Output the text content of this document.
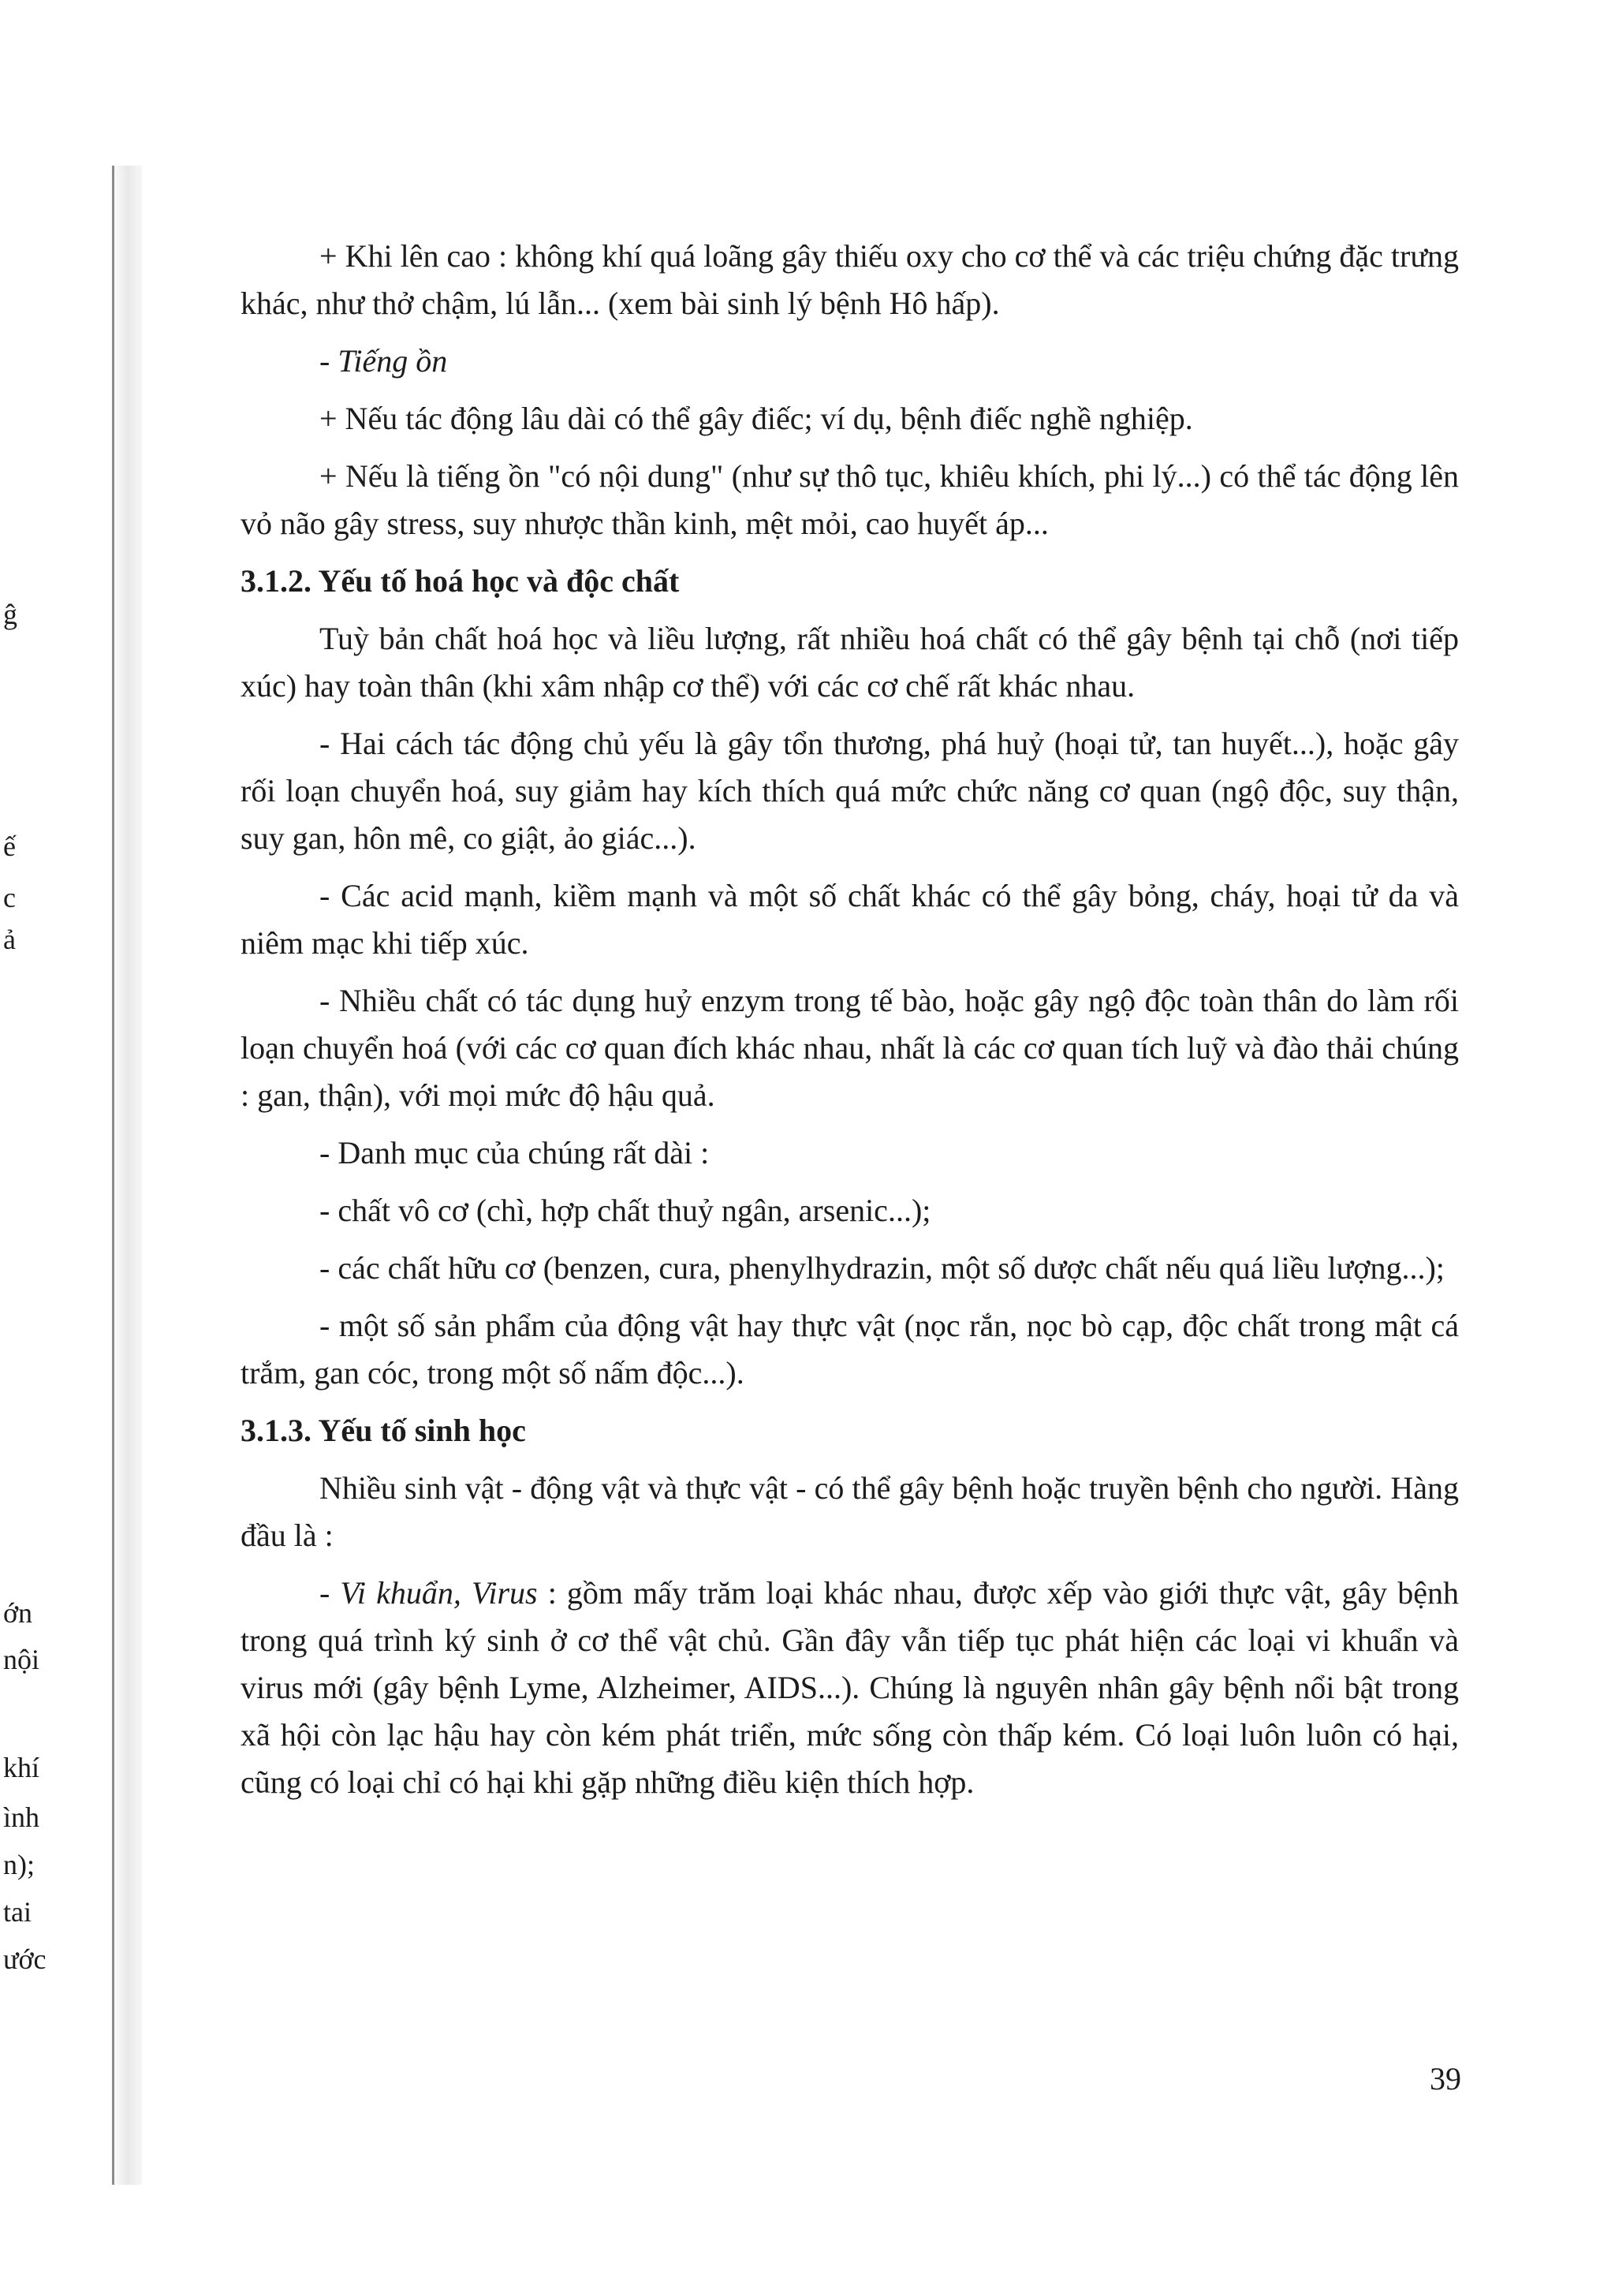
ĝ
ế
c
ả
ớn
nội
khí
ình
n);
tai
ước

+ Khi lên cao : không khí quá loãng gây thiếu oxy cho cơ thể và các triệu chứng đặc trưng khác, như thở chậm, lú lẫn... (xem bài sinh lý bệnh Hô hấp).

- Tiếng ồn

+ Nếu tác động lâu dài có thể gây điếc; ví dụ, bệnh điếc nghề nghiệp.

+ Nếu là tiếng ồn "có nội dung" (như sự thô tục, khiêu khích, phi lý...) có thể tác động lên vỏ não gây stress, suy nhược thần kinh, mệt mỏi, cao huyết áp...

3.1.2. Yếu tố hoá học và độc chất

Tuỳ bản chất hoá học và liều lượng, rất nhiều hoá chất có thể gây bệnh tại chỗ (nơi tiếp xúc) hay toàn thân (khi xâm nhập cơ thể) với các cơ chế rất khác nhau.

- Hai cách tác động chủ yếu là gây tổn thương, phá huỷ (hoại tử, tan huyết...), hoặc gây rối loạn chuyển hoá, suy giảm hay kích thích quá mức chức năng cơ quan (ngộ độc, suy thận, suy gan, hôn mê, co giật, ảo giác...).

- Các acid mạnh, kiềm mạnh và một số chất khác có thể gây bỏng, cháy, hoại tử da và niêm mạc khi tiếp xúc.

- Nhiều chất có tác dụng huỷ enzym trong tế bào, hoặc gây ngộ độc toàn thân do làm rối loạn chuyển hoá (với các cơ quan đích khác nhau, nhất là các cơ quan tích luỹ và đào thải chúng : gan, thận), với mọi mức độ hậu quả.

- Danh mục của chúng rất dài :

- chất vô cơ (chì, hợp chất thuỷ ngân, arsenic...);

- các chất hữu cơ (benzen, cura, phenylhydrazin, một số dược chất nếu quá liều lượng...);

- một số sản phẩm của động vật hay thực vật (nọc rắn, nọc bò cạp, độc chất trong mật cá trắm, gan cóc, trong một số nấm độc...).

3.1.3. Yếu tố sinh học

Nhiều sinh vật - động vật và thực vật - có thể gây bệnh hoặc truyền bệnh cho người. Hàng đầu là :

- Vi khuẩn, Virus : gồm mấy trăm loại khác nhau, được xếp vào giới thực vật, gây bệnh trong quá trình ký sinh ở cơ thể vật chủ. Gần đây vẫn tiếp tục phát hiện các loại vi khuẩn và virus mới (gây bệnh Lyme, Alzheimer, AIDS...). Chúng là nguyên nhân gây bệnh nổi bật trong xã hội còn lạc hậu hay còn kém phát triển, mức sống còn thấp kém. Có loại luôn luôn có hại, cũng có loại chỉ có hại khi gặp những điều kiện thích hợp.

39
